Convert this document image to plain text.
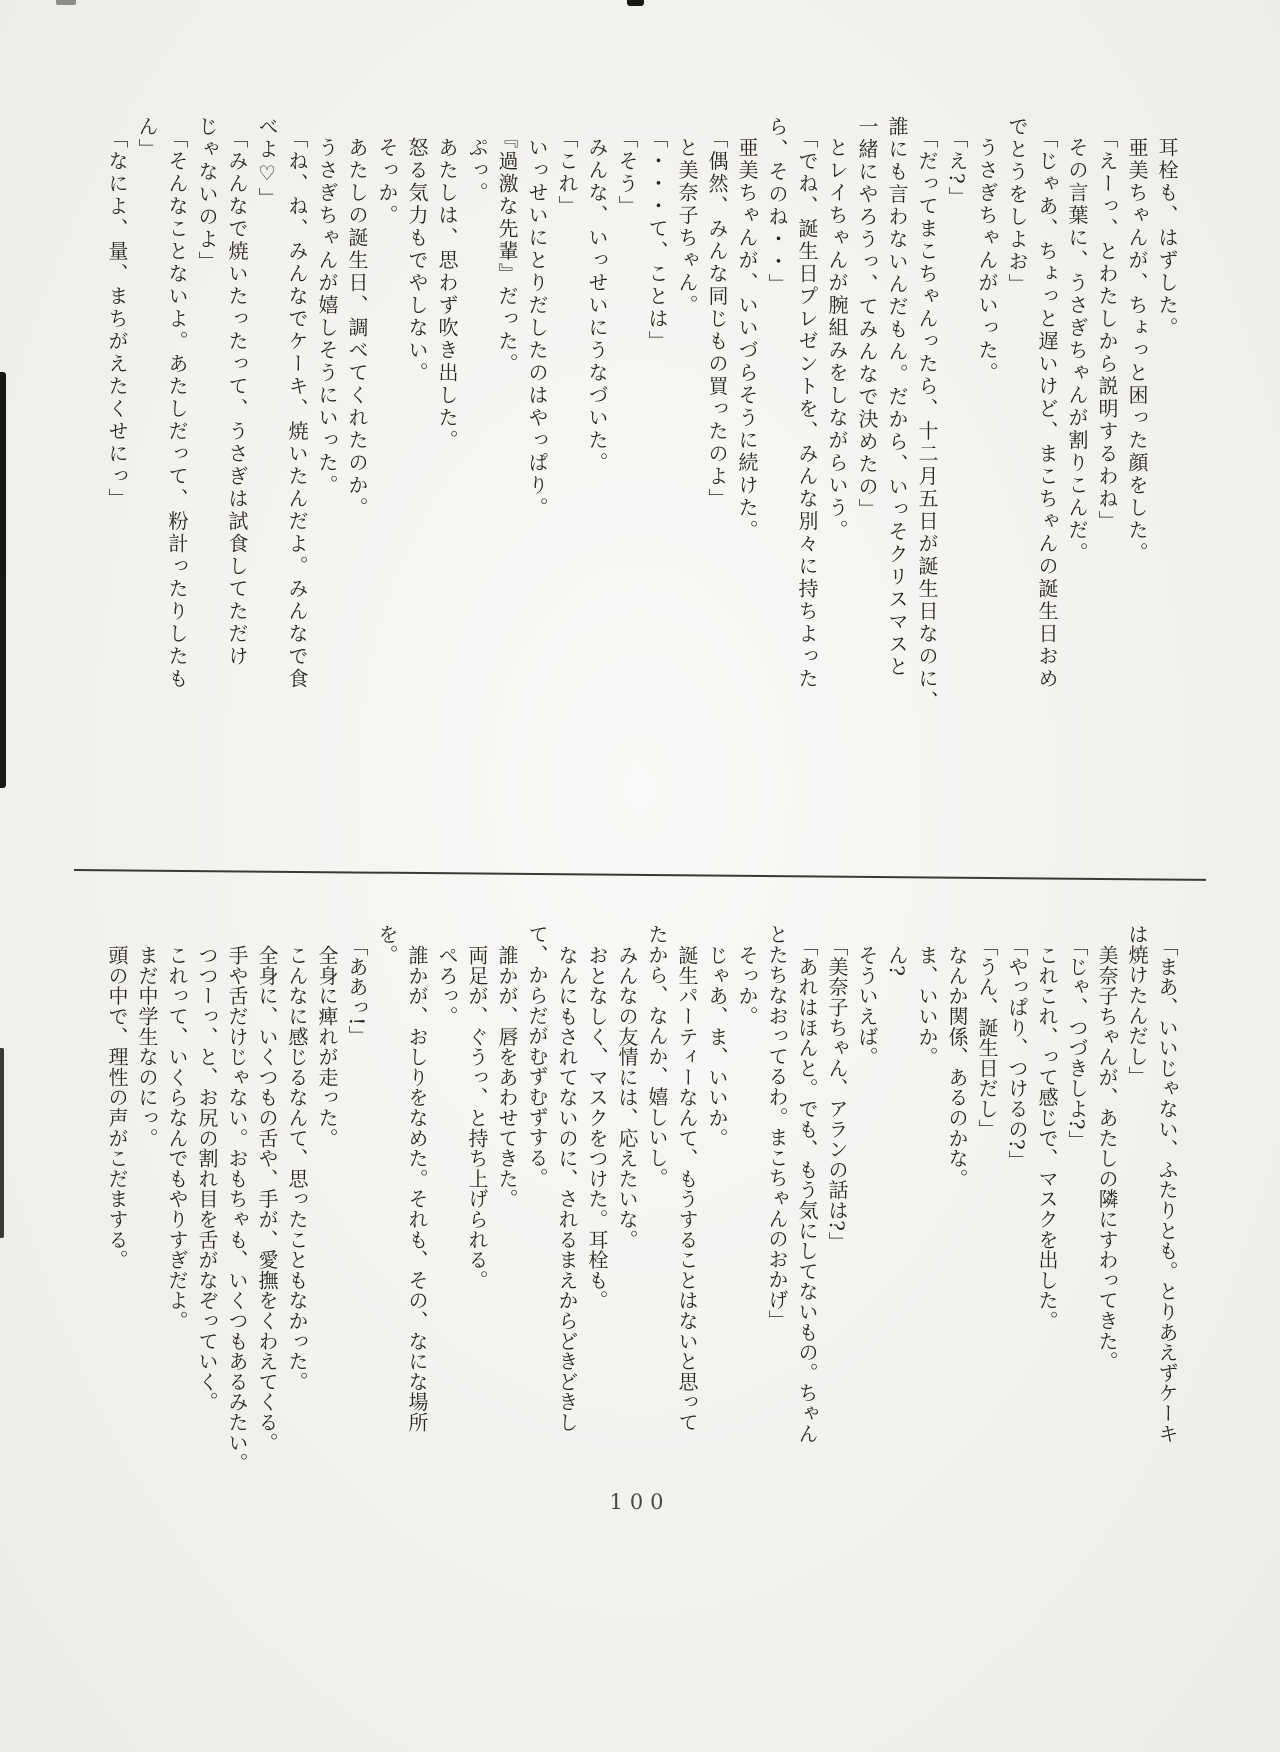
耳栓も、はずした。

亜美ちゃんが、ちょっと困った顔をした。

「えーっ、とわたしから説明するわね」

その言葉に、うさぎちゃんが割りこんだ。

「じゃあ、ちょっと遅いけど、まこちゃんの誕生日おめ

でとうをしよお」

うさぎちゃんがいった。

「え?」

「だってまこちゃんったら、十二月五日が誕生日なのに、

誰にも言わないんだもん。だから、いっそクリスマスと

一緒にやろうっ、てみんなで決めたの」

とレイちゃんが腕組みをしながらいう。

「でね、誕生日プレゼントを、みんな別々に持ちよった

ら、そのね・・」

亜美ちゃんが、いいづらそうに続けた。

「偶然、みんな同じもの買ったのよ」

と美奈子ちゃん。

「・・・て、ことは」

「そう」

みんな、いっせいにうなづいた。

「これ」

いっせいにとりだしたのはやっぱり。

『過激な先輩』だった。

ぷっ。

あたしは、思わず吹き出した。

怒る気力もでやしない。

そっか。

あたしの誕生日、調べてくれたのか。

うさぎちゃんが嬉しそうにいった。

「ね、ね、みんなでケーキ、焼いたんだよ。みんなで食

べよ♡」

「みんなで焼いたったって、うさぎは試食してただけ

じゃないのよ」

「そんなことないよ。あたしだって、粉計ったりしたも

ん」

「なによ、量、まちがえたくせにっ」

「まあ、いいじゃない、ふたりとも。とりあえずケーキ

は焼けたんだし」

美奈子ちゃんが、あたしの隣にすわってきた。

「じゃ、つづきしよ?」

これこれ、って感じで、マスクを出した。

「やっぱり、つけるの?」

「うん、誕生日だし」

なんか関係、あるのかな。

ま、いいか。

ん?

そういえば。

「美奈子ちゃん、アランの話は?」

「あれはほんと。でも、もう気にしてないもの。ちゃん

とたちなおってるわ。まこちゃんのおかげ」

そっか。

じゃあ、ま、いいか。

誕生パーティーなんて、もうすることはないと思って

たから、なんか、嬉しいし。

みんなの友情には、応えたいな。

おとなしく、マスクをつけた。耳栓も。

なんにもされてないのに、されるまえからどきどきし

て、からだがむずむずする。

誰かが、唇をあわせてきた。

両足が、ぐうっ、と持ち上げられる。

ぺろっ。

誰かが、おしりをなめた。それも、その、なにな場所

を。

「ああっ!」

全身に痺れが走った。

こんなに感じるなんて、思ったこともなかった。

全身に、いくつもの舌や、手が、愛撫をくわえてくる。

手や舌だけじゃない。おもちゃも、いくつもあるみたい。

つつーっ、と、お尻の割れ目を舌がなぞっていく。

これって、いくらなんでもやりすぎだよ。

まだ中学生なのにっ。

頭の中で、理性の声がこだまする。

100
